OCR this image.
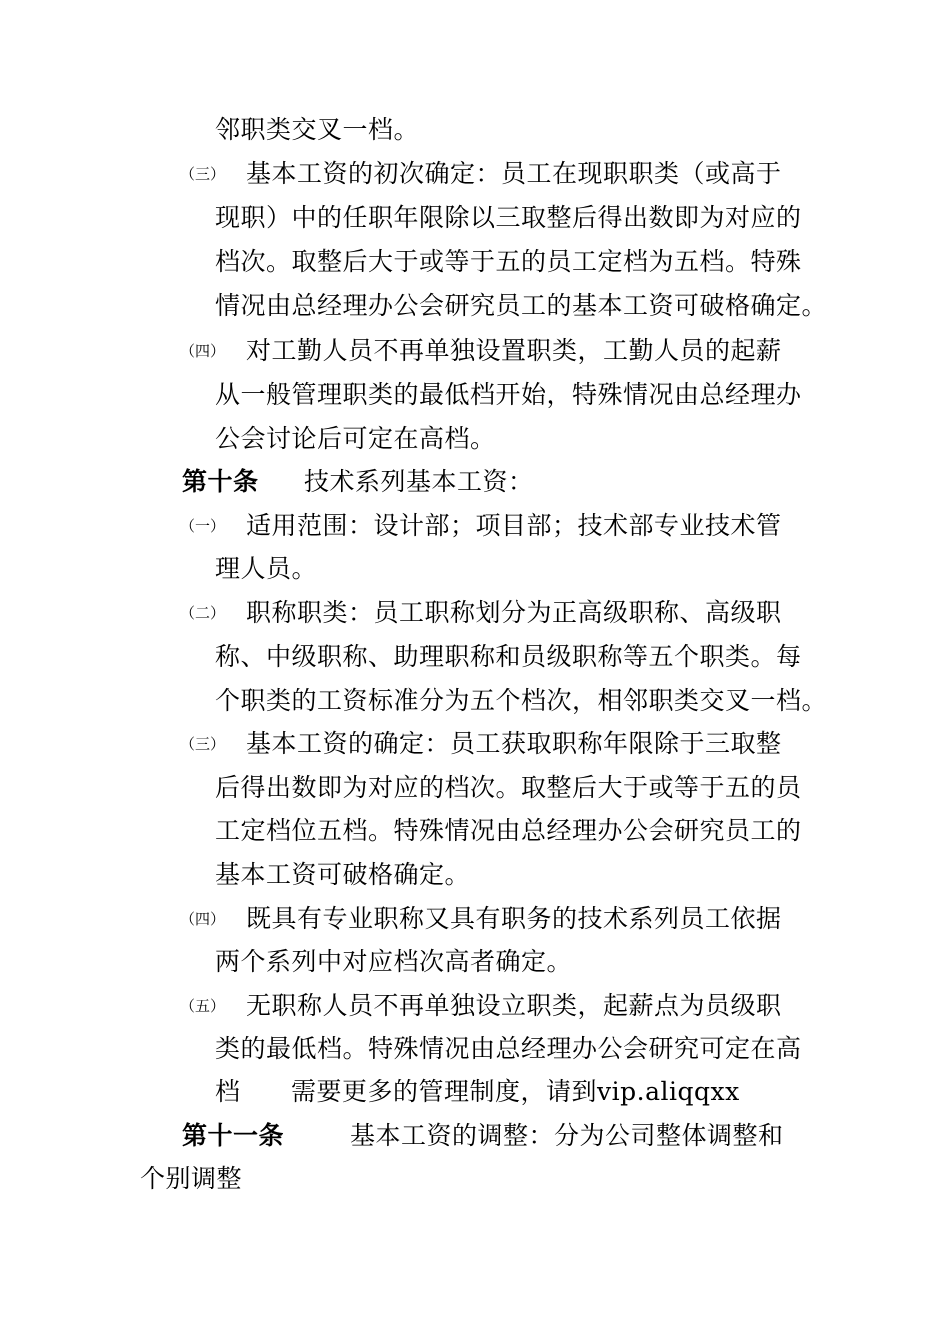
邻职类交叉一档。
（三） 基本工资的初次确定：员工在现职职类（或高于
现职）中的任职年限除以三取整后得出数即为对应的
档次。取整后大于或等于五的员工定档为五档。特殊
情况由总经理办公会研究员工的基本工资可破格确定。
（四） 对工勤人员不再单独设置职类，工勤人员的起薪
从一般管理职类的最低档开始，特殊情况由总经理办
公会讨论后可定在高档。
第十条 技术系列基本工资：
（一） 适用范围：设计部；项目部；技术部专业技术管
理人员。
（二） 职称职类：员工职称划分为正高级职称、高级职
称、中级职称、助理职称和员级职称等五个职类。每
个职类的工资标准分为五个档次，相邻职类交叉一档。
（三） 基本工资的确定：员工获取职称年限除于三取整
后得出数即为对应的档次。取整后大于或等于五的员
工定档位五档。特殊情况由总经理办公会研究员工的
基本工资可破格确定。
（四） 既具有专业职称又具有职务的技术系列员工依据
两个系列中对应档次高者确定。
（五） 无职称人员不再单独设立职类，起薪点为员级职
类的最低档。特殊情况由总经理办公会研究可定在高
档 需要更多的管理制度，请到vip.aliqqxx
第十一条	基本工资的调整：分为公司整体调整和
个别调整
